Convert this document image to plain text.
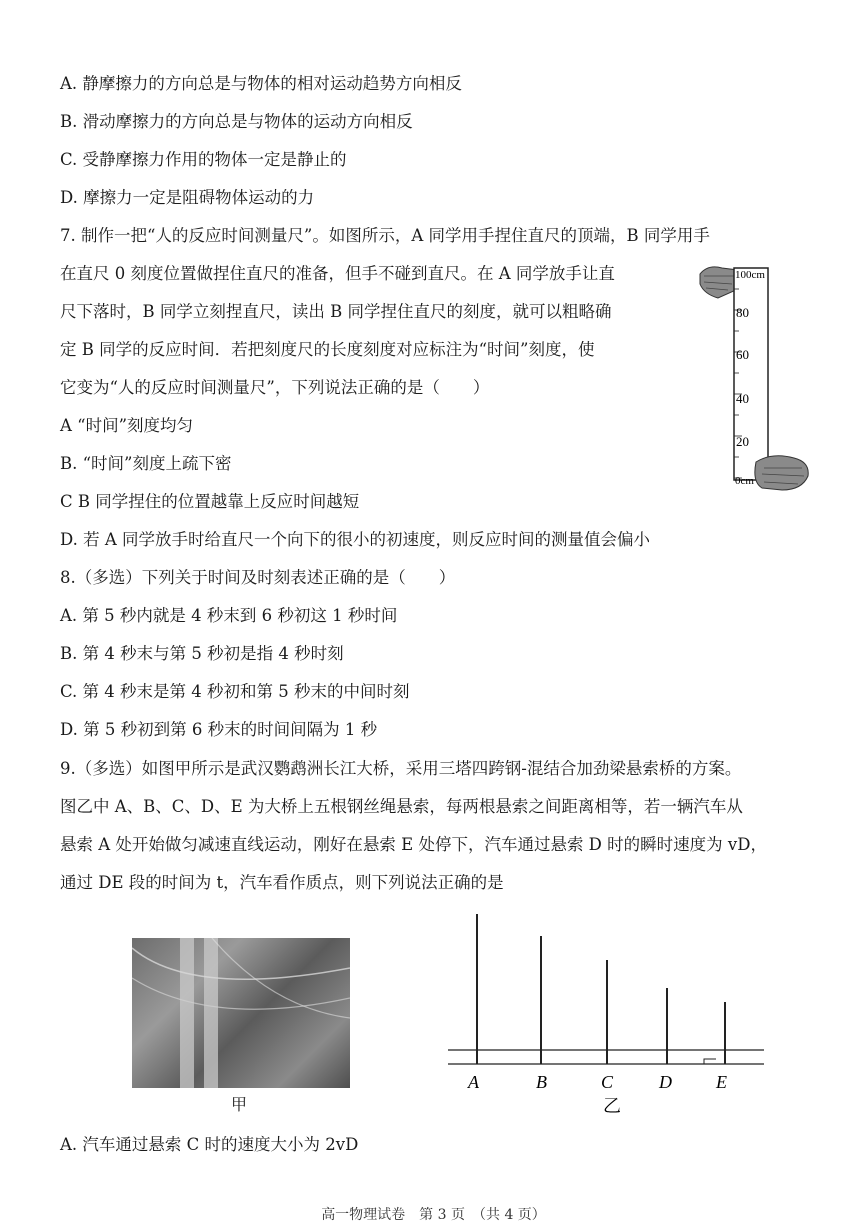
A. 静摩擦力的方向总是与物体的相对运动趋势方向相反
B. 滑动摩擦力的方向总是与物体的运动方向相反
C. 受静摩擦力作用的物体一定是静止的
D. 摩擦力一定是阻碍物体运动的力
7. 制作一把“人的反应时间测量尺”。如图所示，A 同学用手捏住直尺的顶端，B 同学用手
在直尺 0 刻度位置做捏住直尺的准备，但手不碰到直尺。在 A 同学放手让直
尺下落时，B 同学立刻捏直尺，读出 B 同学捏住直尺的刻度，就可以粗略确
定 B 同学的反应时间．若把刻度尺的长度刻度对应标注为“时间”刻度，使
它变为“人的反应时间测量尺”，下列说法正确的是（　　）
A “时间”刻度均匀
B. “时间”刻度上疏下密
C B 同学捏住的位置越靠上反应时间越短
D. 若 A 同学放手时给直尺一个向下的很小的初速度，则反应时间的测量值会偏小
8.（多选）下列关于时间及时刻表述正确的是（　　）
A. 第 5 秒内就是 4 秒末到 6 秒初这 1 秒时间
B. 第 4 秒末与第 5 秒初是指 4 秒时刻
C. 第 4 秒末是第 4 秒初和第 5 秒末的中间时刻
D. 第 5 秒初到第 6 秒末的时间间隔为 1 秒
9.（多选）如图甲所示是武汉鹦鹉洲长江大桥，采用三塔四跨钢-混结合加劲梁悬索桥的方案。
图乙中 A、B、C、D、E 为大桥上五根钢丝绳悬索，每两根悬索之间距离相等，若一辆汽车从
悬索 A 处开始做匀减速直线运动，刚好在悬索 E 处停下，汽车通过悬索 D 时的瞬时速度为 vD，
通过 DE 段的时间为 t，汽车看作质点，则下列说法正确的是
A. 汽车通过悬索 C 时的速度大小为 2vD
100cm
80
60
40
20
0cm
甲
A	B	C	D E
乙
高一物理试卷　第 3 页　（共 4 页）
